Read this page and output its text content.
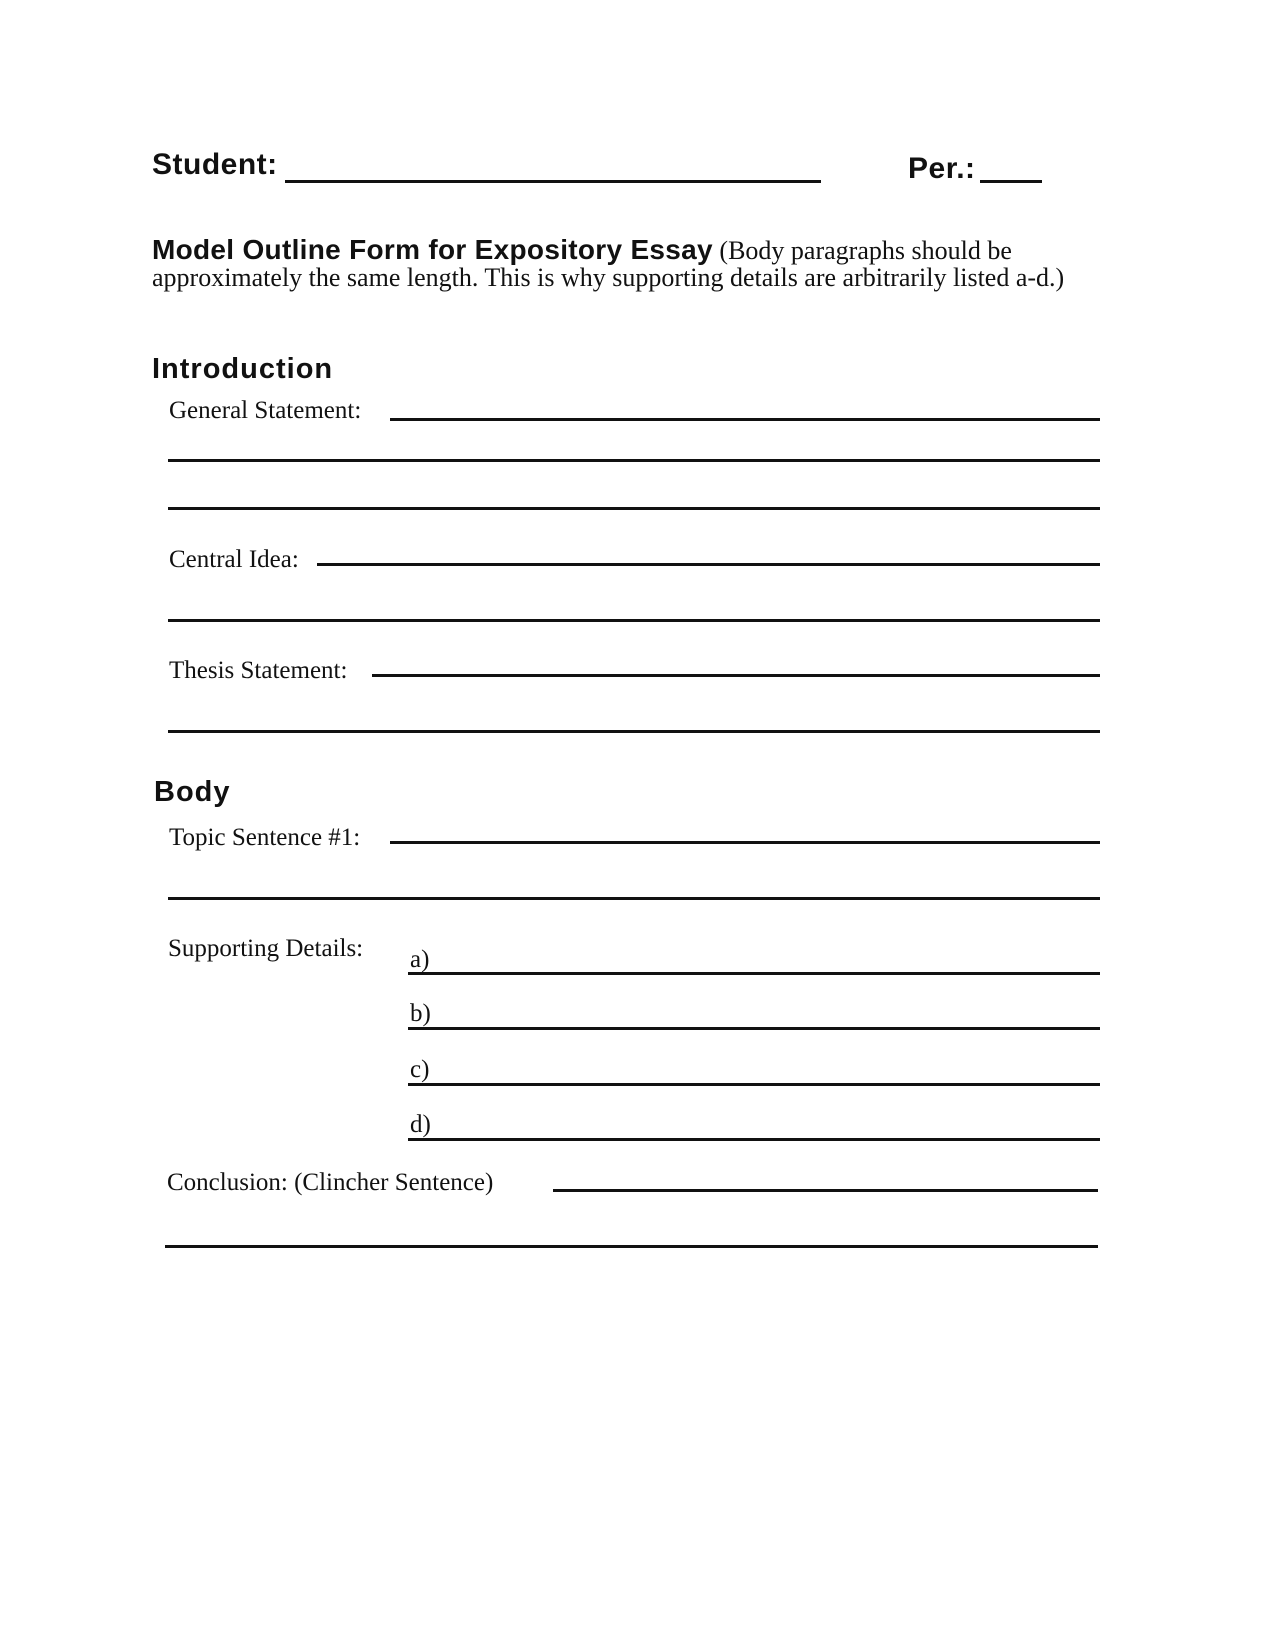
Student:	Per.:
Model Outline Form for Expository Essay (Body paragraphs should be approximately the same length. This is why supporting details are arbitrarily listed a-d.)
Introduction
General Statement:
Central Idea:
Thesis Statement:
Body
Topic Sentence #1:
Supporting Details: a)
b)
c)
d)
Conclusion: (Clincher Sentence)
